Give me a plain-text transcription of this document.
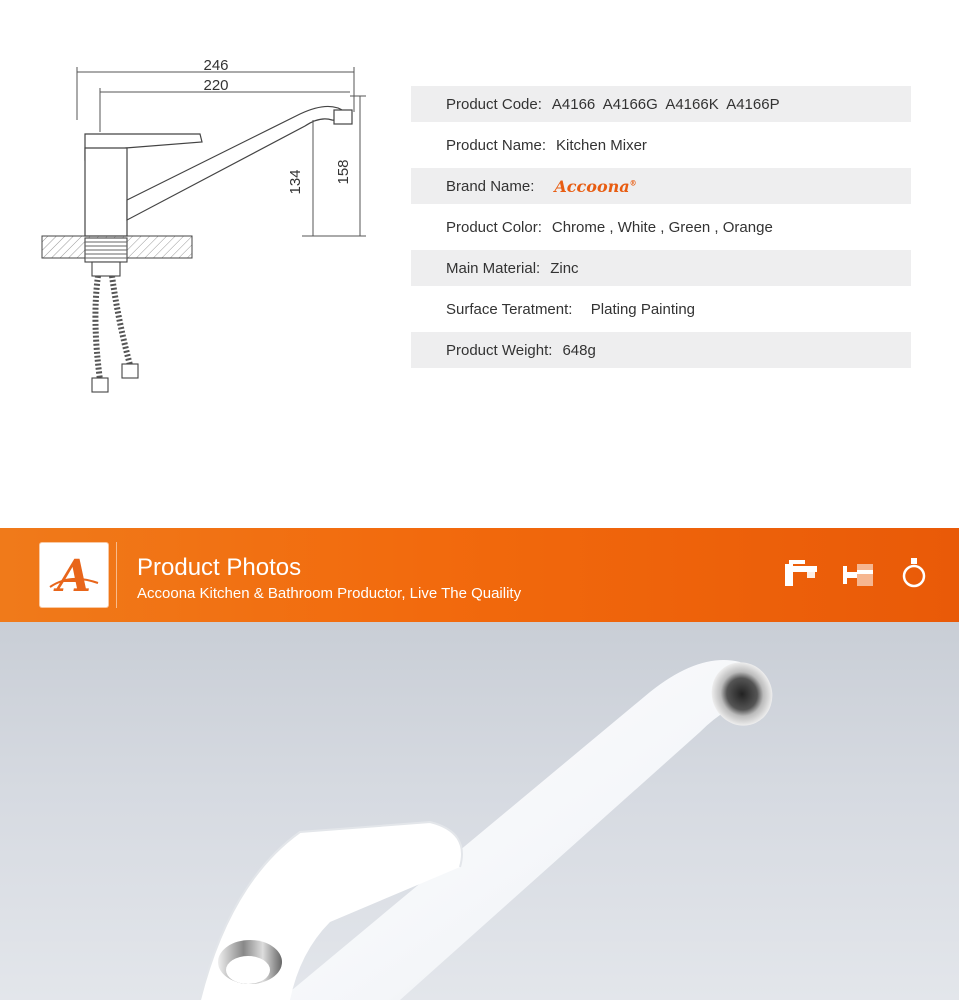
246
220
134 158
Product Code: A4166  A4166G  A4166K  A4166P
Product Name: Kitchen Mixer
Brand Name: Accoona®
Product Color: Chrome , White , Green , Orange
Main Material: Zinc
Surface Teratment: Plating Painting
Product Weight: 648g
A Product Photos
Accoona Kitchen & Bathroom Productor, Live The Quaility
